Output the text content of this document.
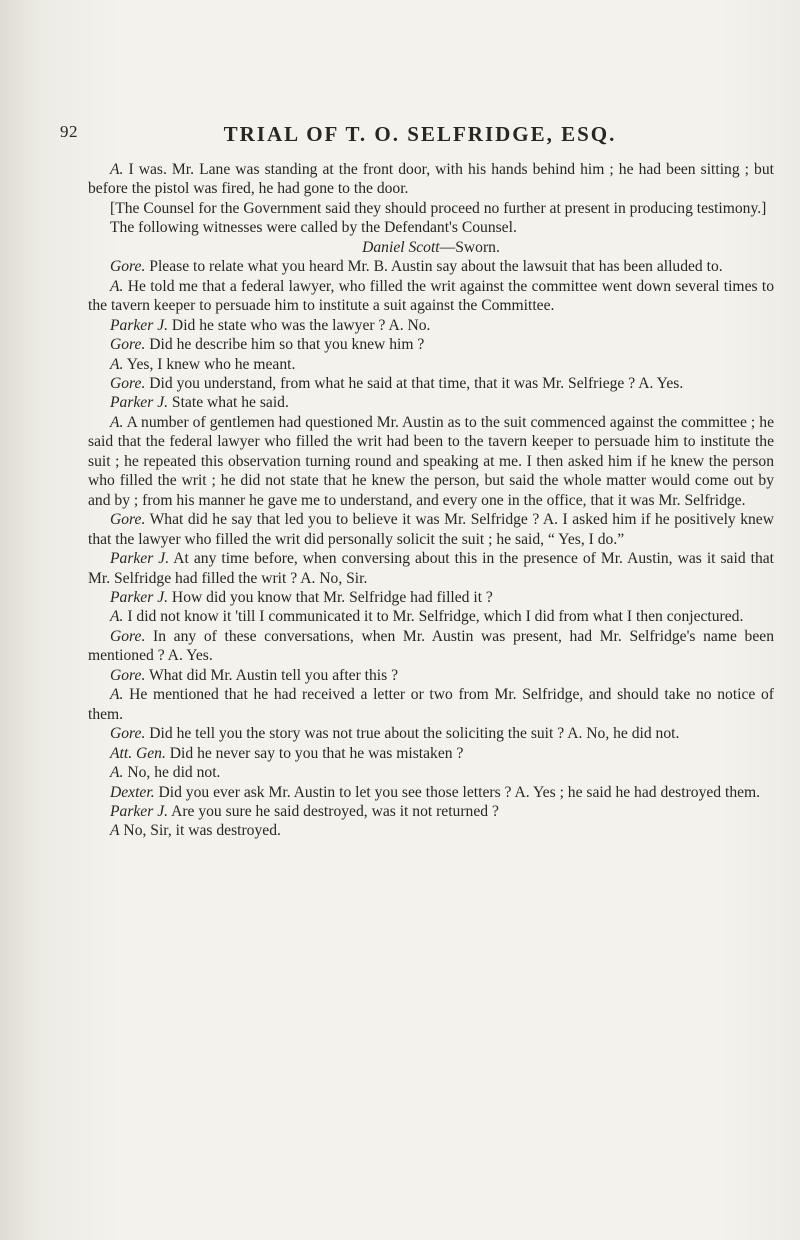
92	TRIAL OF T. O. SELFRIDGE, ESQ.

A. I was. Mr. Lane was standing at the front door, with his hands behind him ; he had been sitting ; but before the pistol was fired, he had gone to the door.

[The Counsel for the Government said they should proceed no further at present in producing testimony.]

The following witnesses were called by the Defendant's Counsel.

Daniel Scott—Sworn.

Gore. Please to relate what you heard Mr. B. Austin say about the lawsuit that has been alluded to.

A. He told me that a federal lawyer, who filled the writ against the committee went down several times to the tavern keeper to persuade him to institute a suit against the Committee.

Parker J. Did he state who was the lawyer ? A. No.

Gore. Did he describe him so that you knew him ?

A. Yes, I knew who he meant.

Gore. Did you understand, from what he said at that time, that it was Mr. Selfriege ? A. Yes.

Parker J. State what he said.

A. A number of gentlemen had questioned Mr. Austin as to the suit commenced against the committee ; he said that the federal lawyer who filled the writ had been to the tavern keeper to persuade him to institute the suit ; he repeated this observation turning round and speaking at me. I then asked him if he knew the person who filled the writ ; he did not state that he knew the person, but said the whole matter would come out by and by ; from his manner he gave me to understand, and every one in the office, that it was Mr. Selfridge.

Gore. What did he say that led you to believe it was Mr. Selfridge ? A. I asked him if he positively knew that the lawyer who filled the writ did personally solicit the suit ; he said, “ Yes, I do.”

Parker J. At any time before, when conversing about this in the presence of Mr. Austin, was it said that Mr. Selfridge had filled the writ ? A. No, Sir.

Parker J. How did you know that Mr. Selfridge had filled it ?

A. I did not know it 'till I communicated it to Mr. Selfridge, which I did from what I then conjectured.

Gore. In any of these conversations, when Mr. Austin was present, had Mr. Selfridge's name been mentioned ? A. Yes.

Gore. What did Mr. Austin tell you after this ?

A. He mentioned that he had received a letter or two from Mr. Selfridge, and should take no notice of them.

Gore. Did he tell you the story was not true about the soliciting the suit ? A. No, he did not.

Att. Gen. Did he never say to you that he was mistaken ?

A. No, he did not.

Dexter. Did you ever ask Mr. Austin to let you see those letters ? A. Yes ; he said he had destroyed them.

Parker J. Are you sure he said destroyed, was it not returned ?

A No, Sir, it was destroyed.
